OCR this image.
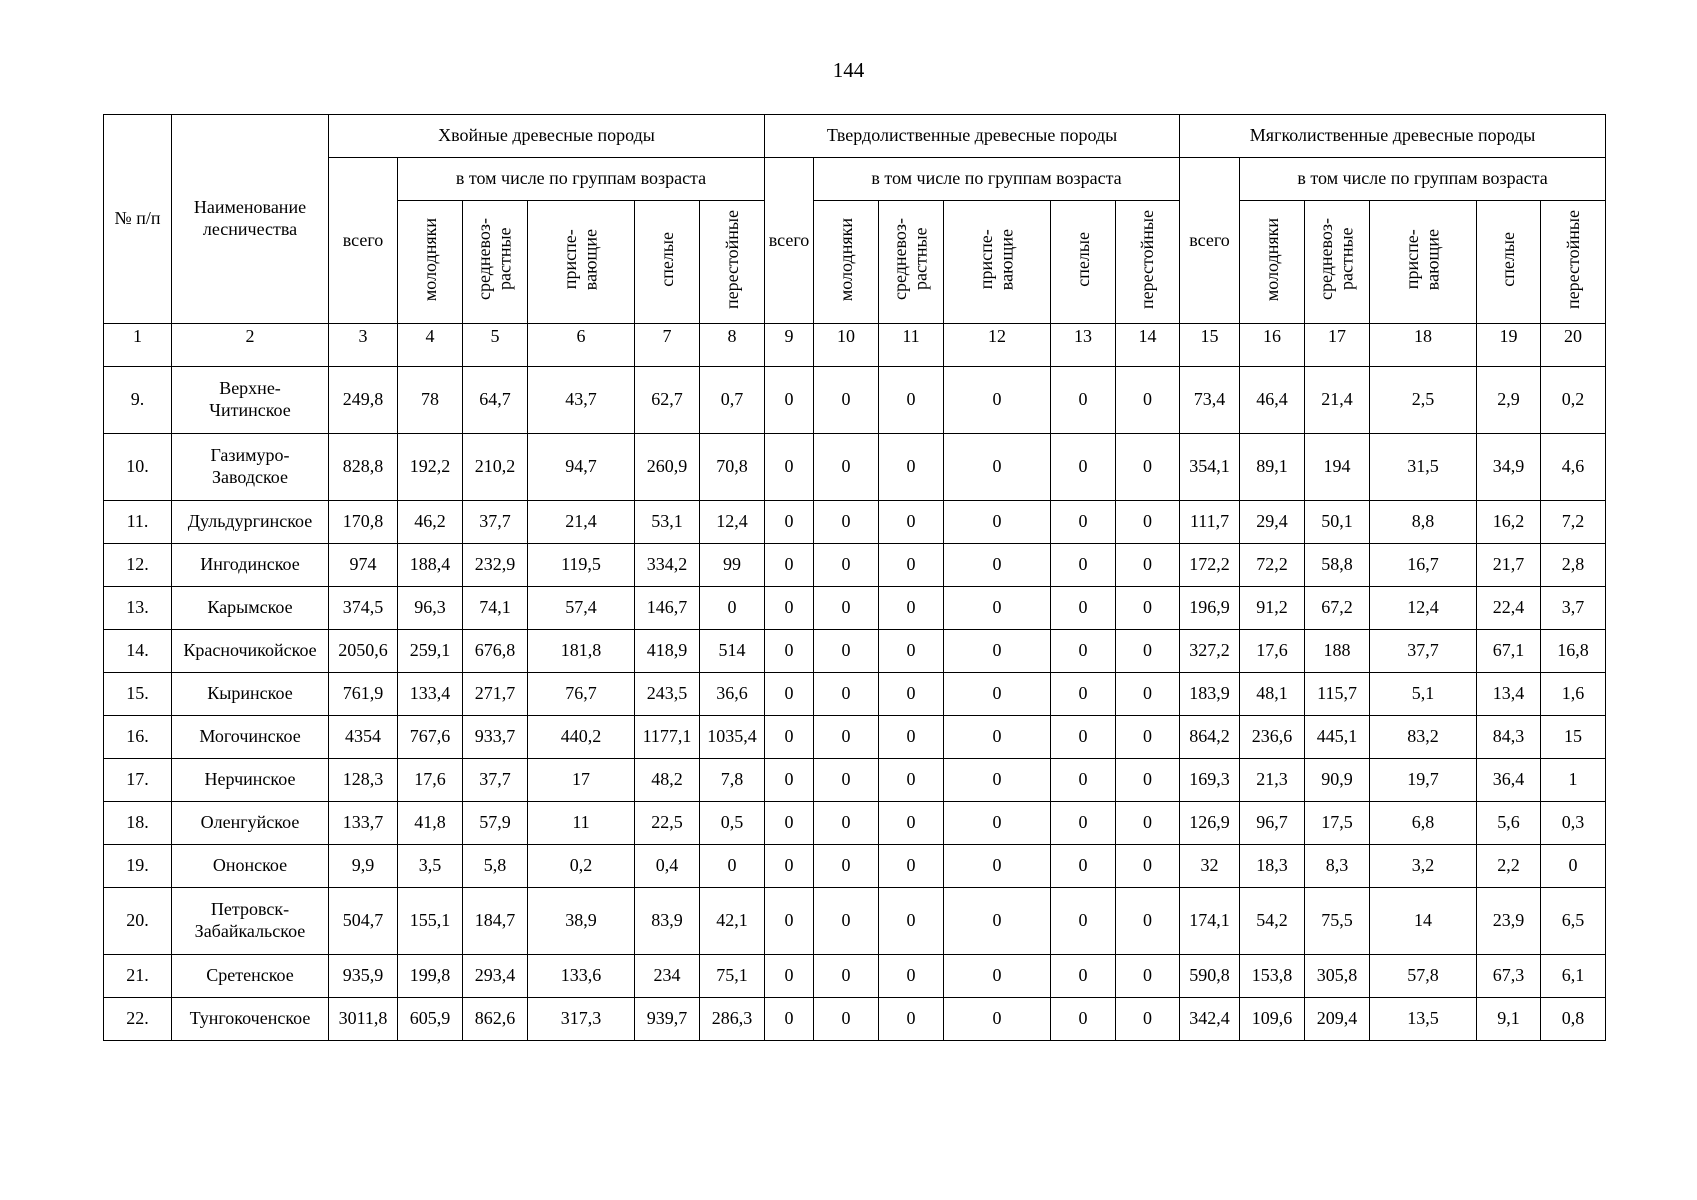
144
№ п/п	Наименование лесничества	Хвойные древесные породы						Твердолиственные древесные породы						Мягколиственные древесные породы					
		всего	в том числе по группам возраста					всего	в том числе по группам возраста					всего	в том числе по группам возраста				
			молодняки	средневоз-
растные	приспе-
вающие	спелые	перестойные		молодняки	средневоз-
растные	приспе-
вающие	спелые	перестойные		молодняки	средневоз-
растные	приспе-
вающие	спелые	перестойные
1	2	3	4	5	6	7	8	9	10	11	12	13	14	15	16	17	18	19	20
9.	Верхне-
Читинское	249,8	78	64,7	43,7	62,7	0,7	0	0	0	0	0	0	73,4	46,4	21,4	2,5	2,9	0,2
10.	Газимуро-
Заводское	828,8	192,2	210,2	94,7	260,9	70,8	0	0	0	0	0	0	354,1	89,1	194	31,5	34,9	4,6
11.	Дульдургинское	170,8	46,2	37,7	21,4	53,1	12,4	0	0	0	0	0	0	111,7	29,4	50,1	8,8	16,2	7,2
12.	Ингодинское	974	188,4	232,9	119,5	334,2	99	0	0	0	0	0	0	172,2	72,2	58,8	16,7	21,7	2,8
13.	Карымское	374,5	96,3	74,1	57,4	146,7	0	0	0	0	0	0	0	196,9	91,2	67,2	12,4	22,4	3,7
14.	Красночикойское	2050,6	259,1	676,8	181,8	418,9	514	0	0	0	0	0	0	327,2	17,6	188	37,7	67,1	16,8
15.	Кыринское	761,9	133,4	271,7	76,7	243,5	36,6	0	0	0	0	0	0	183,9	48,1	115,7	5,1	13,4	1,6
16.	Могочинское	4354	767,6	933,7	440,2	1177,1	1035,4	0	0	0	0	0	0	864,2	236,6	445,1	83,2	84,3	15
17.	Нерчинское	128,3	17,6	37,7	17	48,2	7,8	0	0	0	0	0	0	169,3	21,3	90,9	19,7	36,4	1
18.	Оленгуйское	133,7	41,8	57,9	11	22,5	0,5	0	0	0	0	0	0	126,9	96,7	17,5	6,8	5,6	0,3
19.	Ононское	9,9	3,5	5,8	0,2	0,4	0	0	0	0	0	0	0	32	18,3	8,3	3,2	2,2	0
20.	Петровск-
Забайкальское	504,7	155,1	184,7	38,9	83,9	42,1	0	0	0	0	0	0	174,1	54,2	75,5	14	23,9	6,5
21.	Сретенское	935,9	199,8	293,4	133,6	234	75,1	0	0	0	0	0	0	590,8	153,8	305,8	57,8	67,3	6,1
22.	Тунгокоченское	3011,8	605,9	862,6	317,3	939,7	286,3	0	0	0	0	0	0	342,4	109,6	209,4	13,5	9,1	0,8
